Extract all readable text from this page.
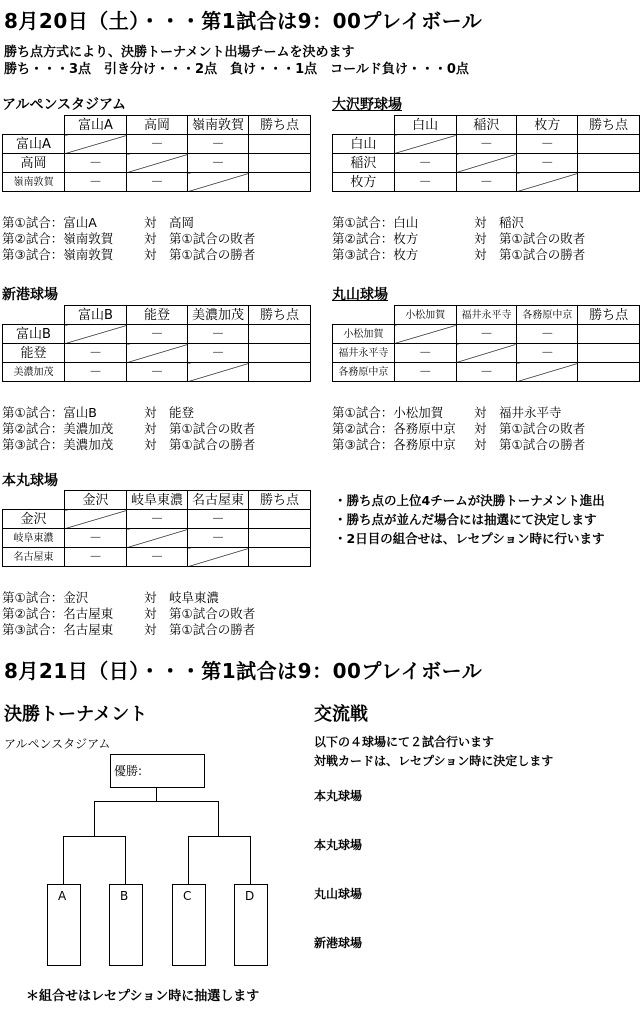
8月20日（土）・・・第1試合は9：00プレイボール
勝ち点方式により、決勝トーナメント出場チームを決めます
勝ち・・・3点　引き分け・・・2点　負け・・・1点　コールド負け・・・0点
アルペンスタジアム
	富山A	高岡	嶺南敦賀	勝ち点
富山A		－	－	
高岡	－		－	
嶺南敦賀	－	－		
第①試合：富山A	対　高岡
第②試合：嶺南敦賀	対　第①試合の敗者
第③試合：嶺南敦賀	対　第①試合の勝者
大沢野球場
	白山	稲沢	枚方	勝ち点
白山		－	－	
稲沢	－		－	
枚方	－	－		
第①試合：白山	対　稲沢
第②試合：枚方	対　第①試合の敗者
第③試合：枚方	対　第①試合の勝者
新港球場
	富山B	能登	美濃加茂	勝ち点
富山B		－	－	
能登	－		－	
美濃加茂	－	－		
第①試合：富山B	対　能登
第②試合：美濃加茂	対　第①試合の敗者
第③試合：美濃加茂	対　第①試合の勝者
丸山球場
	小松加賀	福井永平寺	各務原中京	勝ち点
小松加賀		－	－	
福井永平寺	－		－	
各務原中京	－	－		
第①試合：小松加賀	対　福井永平寺
第②試合：各務原中京	対　第①試合の敗者
第③試合：各務原中京	対　第①試合の勝者
本丸球場
	金沢	岐阜東濃	名古屋東	勝ち点
金沢		－	－	
岐阜東濃	－		－	
名古屋東	－	－		
第①試合：金沢	対　岐阜東濃
第②試合：名古屋東	対　第①試合の敗者
第③試合：名古屋東	対　第①試合の勝者
・勝ち点の上位4チームが決勝トーナメント進出
・勝ち点が並んだ場合には抽選にて決定します
・2日目の組合せは、レセプション時に行います
8月21日（日）・・・第1試合は9：00プレイボール
決勝トーナメント
アルペンスタジアム
優勝:
A	B	C	D
＊組合せはレセプション時に抽選します
交流戦
以下の４球場にて２試合行います
対戦カードは、レセプション時に決定します
本丸球場
本丸球場
丸山球場
新港球場
